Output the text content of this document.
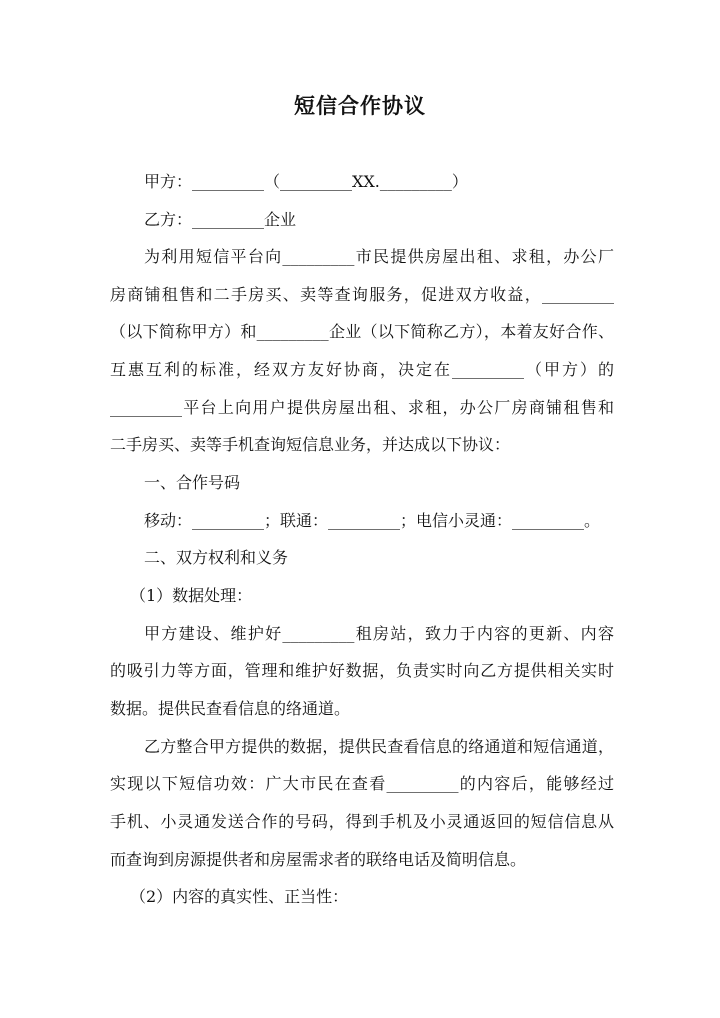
短信合作协议
甲方：_________（_________XX._________）
乙方：_________企业
为利用短信平台向_________市民提供房屋出租、求租，办公厂
房商铺租售和二手房买、卖等查询服务，促进双方收益，_________
（以下简称甲方）和_________企业（以下简称乙方），本着友好合作、
互惠互利的标准，经双方友好协商，决定在_________（甲方）的
_________平台上向用户提供房屋出租、求租，办公厂房商铺租售和
二手房买、卖等手机查询短信息业务，并达成以下协议：
一、合作号码
移动：_________；联通：_________；电信小灵通：_________。
二、双方权利和义务
（1）数据处理：
甲方建设、维护好_________租房站，致力于内容的更新、内容
的吸引力等方面，管理和维护好数据，负责实时向乙方提供相关实时
数据。提供民查看信息的络通道。
乙方整合甲方提供的数据，提供民查看信息的络通道和短信通道，
实现以下短信功效：广大市民在查看_________的内容后，能够经过
手机、小灵通发送合作的号码，得到手机及小灵通返回的短信信息从
而查询到房源提供者和房屋需求者的联络电话及简明信息。
（2）内容的真实性、正当性：
